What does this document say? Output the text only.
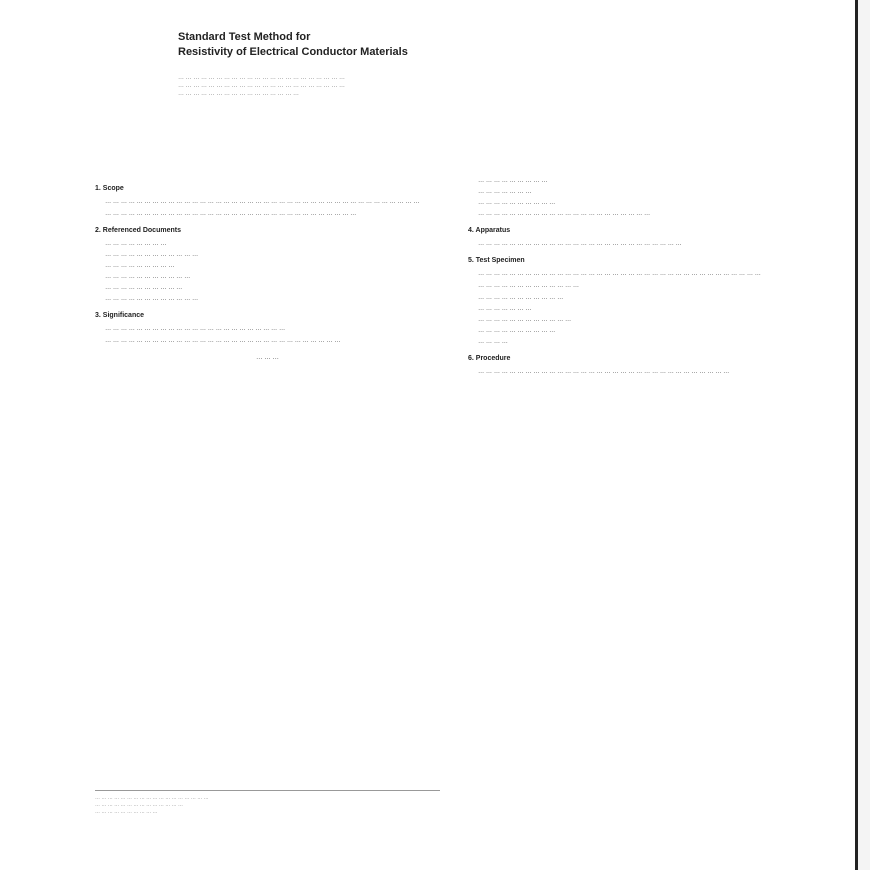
Standard Test Method for
Resistivity of Electrical Conductor Materials
… … … … … … … … … … … … … … … … … … … … … …
… … … … … … … … … … … … … … … … … … … … … …
… … … … … … … … … … … … … … … …
1. Scope

… … … … … … … … … … … … … … … … … … … … … … … … … … … … … … … … … … … … … … … …

… … … … … … … … … … … … … … … … … … … … … … … … … … … … … … … …

2. Referenced Documents
… … … … … … … …
… … … … … … … … … … … …
… … … … … … … … …
… … … … … … … … … … …
… … … … … … … … … …
… … … … … … … … … … … …
3. Significance

… … … … … … … … … … … … … … … … … … … … … … …

… … … … … … … … … … … … … … … … … … … … … … … … … … … … … …

… … …
… … … … … … … … …
… … … … … … …
… … … … … … … … … …

… … … … … … … … … … … … … … … … … … … … … …

4. Apparatus

… … … … … … … … … … … … … … … … … … … … … … … … … …

5. Test Specimen

… … … … … … … … … … … … … … … … … … … … … … … … … … … … … … … … … … … …

… … … … … … … … … … … … …

… … … … … … … … … … …
… … … … … … …
… … … … … … … … … … … …
… … … … … … … … … …
… … … …
6. Procedure

… … … … … … … … … … … … … … … … … … … … … … … … … … … … … … … …

… … … … … … … … … … … … … … … … … …
… … … … … … … … … … … … … …
… … … … … … … … … …
